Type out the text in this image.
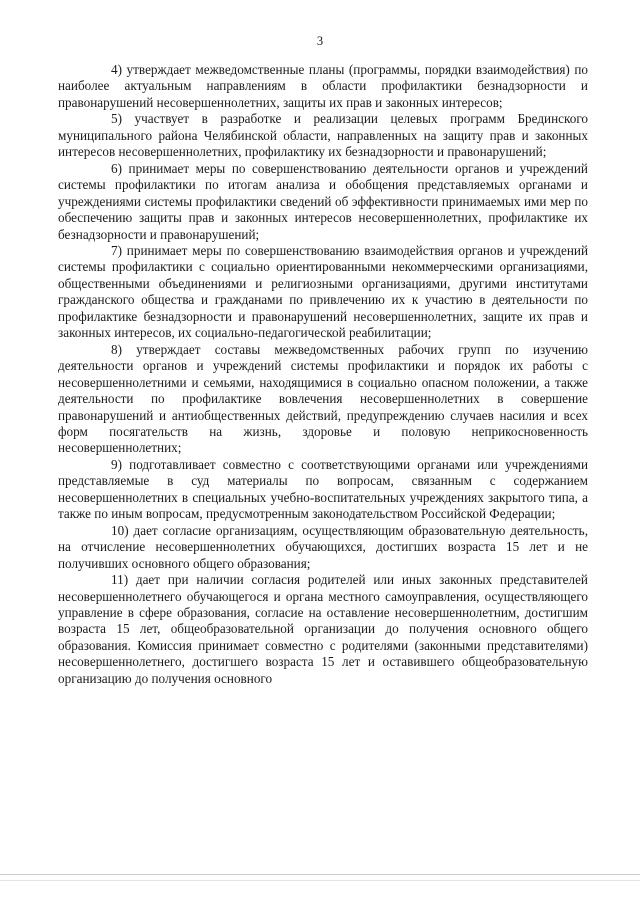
3

4) утверждает межведомственные планы (программы, порядки взаимодействия) по наиболее актуальным направлениям в области профилактики безнадзорности и правонарушений несовершеннолетних, защиты их прав и законных интересов;

5) участвует в разработке и реализации целевых программ Брединского муниципального района Челябинской области, направленных на защиту прав и законных интересов несовершеннолетних, профилактику их безнадзорности и правонарушений;

6) принимает меры по совершенствованию деятельности органов и учреждений системы профилактики по итогам анализа и обобщения представляемых органами и учреждениями системы профилактики сведений об эффективности принимаемых ими мер по обеспечению защиты прав и законных интересов несовершеннолетних, профилактике их безнадзорности и правонарушений;

7) принимает меры по совершенствованию взаимодействия органов и учреждений системы профилактики с социально ориентированными некоммерческими организациями, общественными объединениями и религиозными организациями, другими институтами гражданского общества и гражданами по привлечению их к участию в деятельности по профилактике безнадзорности и правонарушений несовершеннолетних, защите их прав и законных интересов, их социально-педагогической реабилитации;

8) утверждает составы межведомственных рабочих групп по изучению деятельности органов и учреждений системы профилактики и порядок их работы с несовершеннолетними и семьями, находящимися в социально опасном положении, а также деятельности по профилактике вовлечения несовершеннолетних в совершение правонарушений и антиобщественных действий, предупреждению случаев насилия и всех форм посягательств на жизнь, здоровье и половую неприкосновенность несовершеннолетних;

9) подготавливает совместно с соответствующими органами или учреждениями представляемые в суд материалы по вопросам, связанным с содержанием несовершеннолетних в специальных учебно-воспитательных учреждениях закрытого типа, а также по иным вопросам, предусмотренным законодательством Российской Федерации;

10) дает согласие организациям, осуществляющим образовательную деятельность, на отчисление несовершеннолетних обучающихся, достигших возраста 15 лет и не получивших основного общего образования;

11) дает при наличии согласия родителей или иных законных представителей несовершеннолетнего обучающегося и органа местного самоуправления, осуществляющего управление в сфере образования, согласие на оставление несовершеннолетним, достигшим возраста 15 лет, общеобразовательной организации до получения основного общего образования. Комиссия принимает совместно с родителями (законными представителями) несовершеннолетнего, достигшего возраста 15 лет и оставившего общеобразовательную организацию до получения основного
